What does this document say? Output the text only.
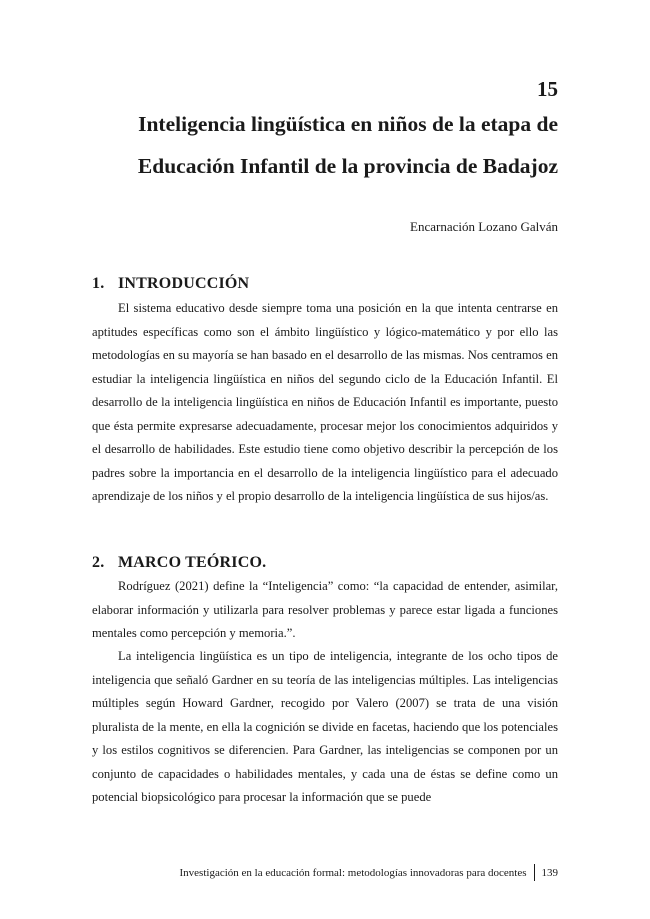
15

Inteligencia lingüística en niños de la etapa de Educación Infantil de la provincia de Badajoz

Encarnación Lozano Galván

1. INTRODUCCIÓN

El sistema educativo desde siempre toma una posición en la que intenta centrarse en aptitudes específicas como son el ámbito lingüístico y lógico-matemático y por ello las metodologías en su mayoría se han basado en el desarrollo de las mismas. Nos centramos en estudiar la inteligencia lingüística en niños del segundo ciclo de la Educación Infantil. El desarrollo de la inteligencia lingüística en niños de Educación Infantil es importante, puesto que ésta permite expresarse adecuadamente, procesar mejor los conocimientos adquiridos y el desarrollo de habilidades. Este estudio tiene como objetivo describir la percepción de los padres sobre la importancia en el desarrollo de la inteligencia lingüístico para el adecuado aprendizaje de los niños y el propio desarrollo de la inteligencia lingüística de sus hijos/as.

2. MARCO TEÓRICO.

Rodríguez (2021) define la “Inteligencia” como: “la capacidad de entender, asimilar, elaborar información y utilizarla para resolver problemas y parece estar ligada a funciones mentales como percepción y memoria.”.

La inteligencia lingüística es un tipo de inteligencia, integrante de los ocho tipos de inteligencia que señaló Gardner en su teoría de las inteligencias múltiples. Las inteligencias múltiples según Howard Gardner, recogido por Valero (2007) se trata de una visión pluralista de la mente, en ella la cognición se divide en facetas, haciendo que los potenciales y los estilos cognitivos se diferencien. Para Gardner, las inteligencias se componen por un conjunto de capacidades o habilidades mentales, y cada una de éstas se define como un potencial biopsicológico para procesar la información que se puede

Investigación en la educación formal: metodologías innovadoras para docentes 139
